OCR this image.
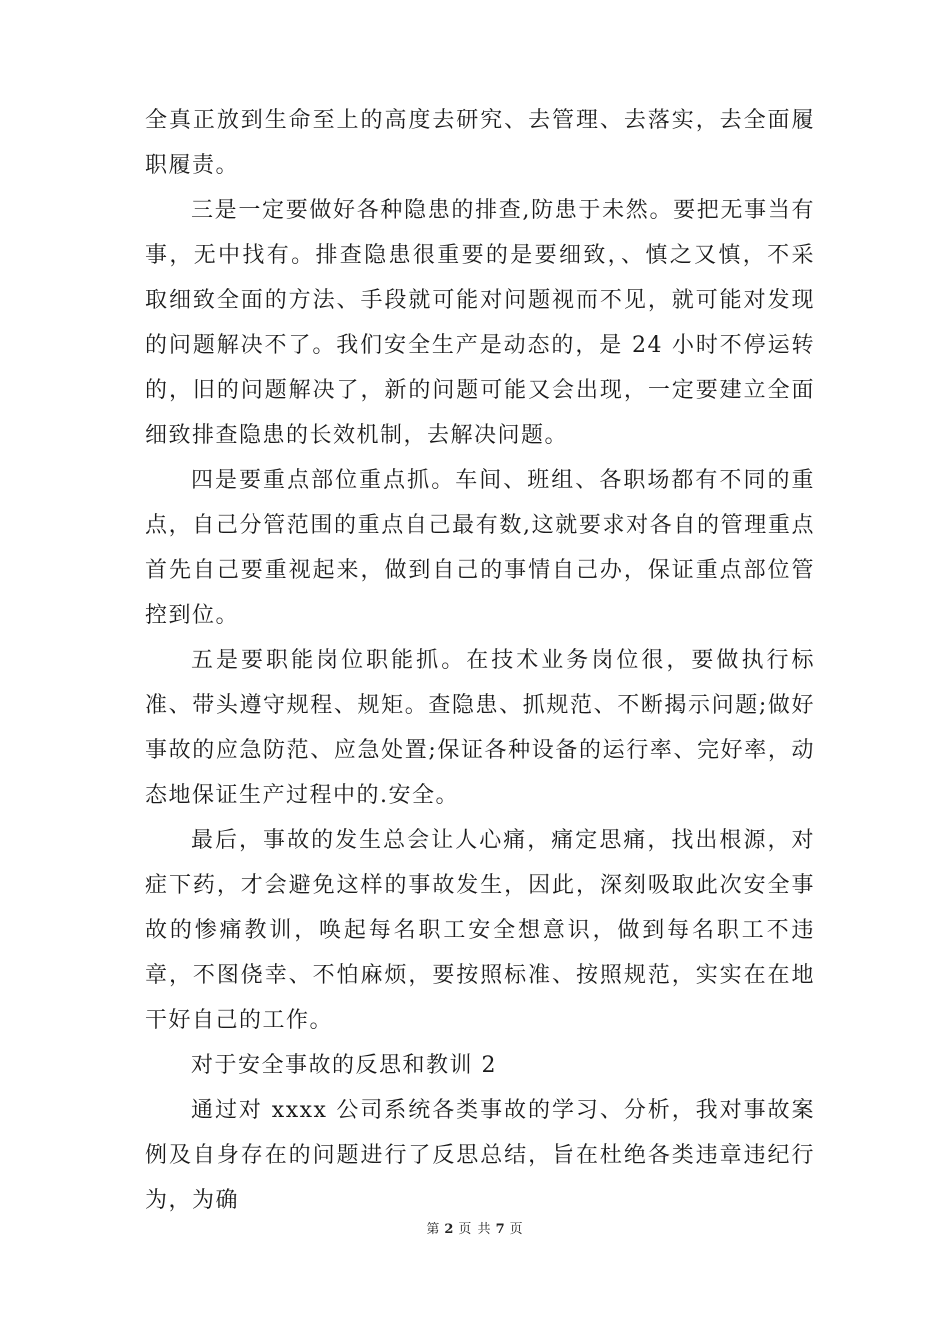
全真正放到生命至上的高度去研究、去管理、去落实，去全面履职履责。

三是一定要做好各种隐患的排查,防患于未然。要把无事当有事，无中找有。排查隐患很重要的是要细致，、慎之又慎，不采取细致全面的方法、手段就可能对问题视而不见，就可能对发现的问题解决不了。我们安全生产是动态的，是 24 小时不停运转的，旧的问题解决了，新的问题可能又会出现，一定要建立全面细致排查隐患的长效机制，去解决问题。

四是要重点部位重点抓。车间、班组、各职场都有不同的重点，自己分管范围的重点自己最有数,这就要求对各自的管理重点首先自己要重视起来，做到自己的事情自己办，保证重点部位管控到位。

五是要职能岗位职能抓。在技术业务岗位很，要做执行标准、带头遵守规程、规矩。查隐患、抓规范、不断揭示问题;做好事故的应急防范、应急处置;保证各种设备的运行率、完好率，动态地保证生产过程中的.安全。

最后，事故的发生总会让人心痛，痛定思痛，找出根源，对症下药，才会避免这样的事故发生，因此，深刻吸取此次安全事故的惨痛教训，唤起每名职工安全想意识，做到每名职工不违章，不图侥幸、不怕麻烦，要按照标准、按照规范，实实在在地干好自己的工作。

对于安全事故的反思和教训 2

通过对 xxxx 公司系统各类事故的学习、分析，我对事故案例及自身存在的问题进行了反思总结，旨在杜绝各类违章违纪行为，为确

第 2 页 共 7 页
